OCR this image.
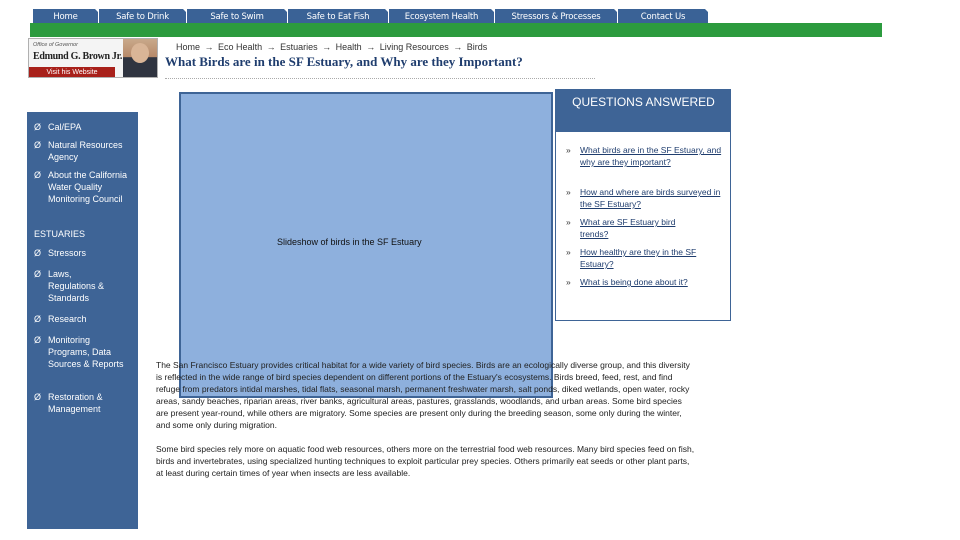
Home	Safe to Drink	Safe to Swim	Safe to Eat Fish	Ecosystem Health	Stressors & Processes	Contact Us
Office of Governor
Edmund G. Brown Jr.
Visit his Website
Home → Eco Health → Estuaries → Health → Living Resources → Birds
What Birds are in the SF Estuary, and Why are they Important?
Ø Cal/EPA
Ø Natural Resources Agency
Ø About the California Water Quality Monitoring Council
ESTUARIES
Ø Stressors
Ø Laws, Regulations & Standards
Ø Research
Ø Monitoring Programs, Data Sources & Reports
Ø Restoration & Management
Slideshow of birds in the SF Estuary
QUESTIONS ANSWERED
»	What birds are in the SF Estuary, and why are they important?
»	How and where are birds surveyed in the SF Estuary?
»	What are SF Estuary bird trends?
»	How healthy are they in the SF Estuary?
»	What is being done about it?

The San Francisco Estuary provides critical habitat for a wide variety of bird species. Birds are an ecologically diverse group, and this diversity is reflected in the wide range of bird species dependent on different portions of the Estuary's ecosystems. Birds breed, feed, rest, and find refuge from predators intidal marshes, tidal flats, seasonal marsh, permanent freshwater marsh, salt ponds, diked wetlands, open water, rocky areas, sandy beaches, riparian areas, river banks, agricultural areas, pastures, grasslands, woodlands, and urban areas. Some bird species are present year-round, while others are migratory. Some species are present only during the breeding season, some only during the winter, and some only during migration.

Some bird species rely more on aquatic food web resources, others more on the terrestrial food web resources. Many bird species feed on fish, birds and invertebrates, using specialized hunting techniques to exploit particular prey species. Others primarily eat seeds or other plant parts, at least during certain times of year when insects are less available.
